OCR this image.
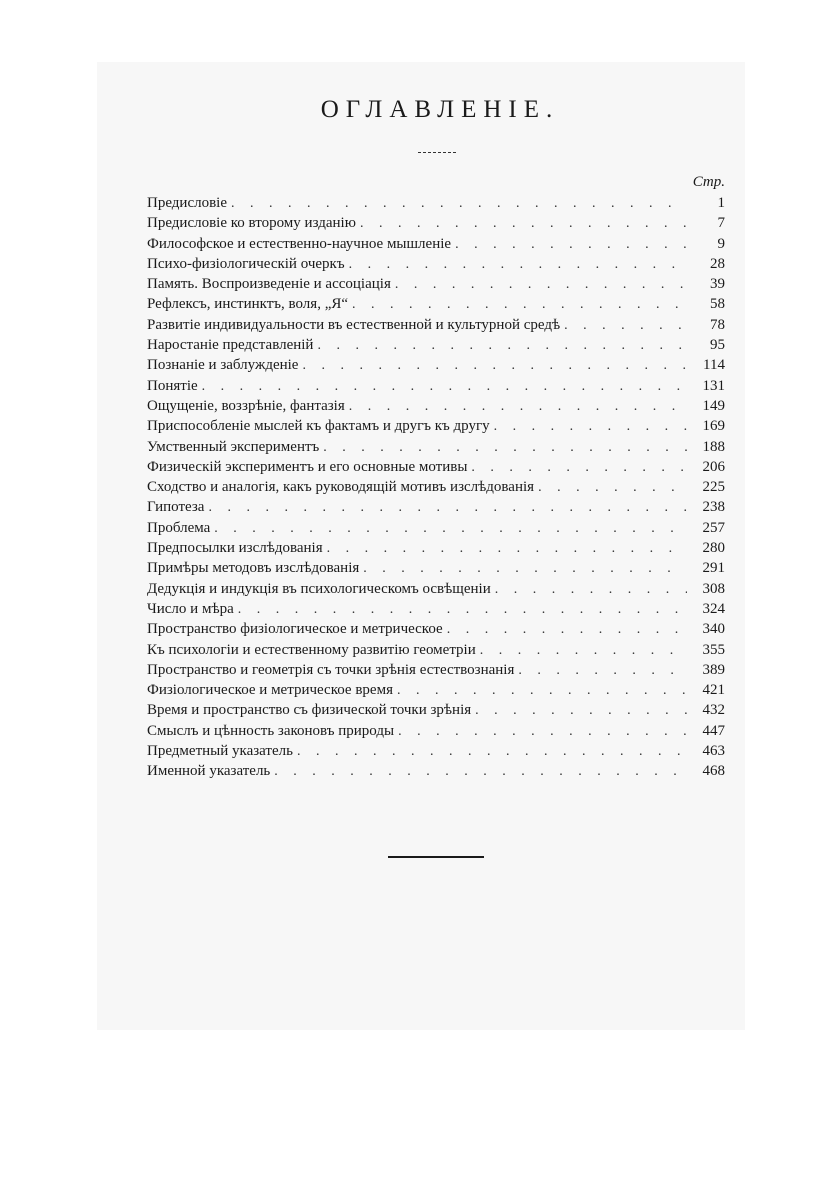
ОГЛАВЛЕНІЕ.
Стр.
Предисловіе . . .	1
Предисловіе ко второму изданію . . .	7
Философское и естественно-научное мышленіе . . .	9
Психо-физіологическій очеркъ . . .	28
Память. Воспроизведеніе и ассоціація . . .	39
Рефлексъ, инстинктъ, воля, „Я“ . . .	58
Развитіе индивидуальности въ естественной и культурной средѣ . . .	78
Наростаніе представленій . . .	95
Познаніе и заблужденіе . . .	114
Понятіе . . .	131
Ощущеніе, воззрѣніе, фантазія . . .	149
Приспособленіе мыслей къ фактамъ и другъ къ другу . . .	169
Умственный экспериментъ . . .	188
Физическій экспериментъ и его основные мотивы . . .	206
Сходство и аналогія, какъ руководящій мотивъ изслѣдованія . . .	225
Гипотеза . . .	238
Проблема . . .	257
Предпосылки изслѣдованія . . .	280
Примѣры методовъ изслѣдованія . . .	291
Дедукція и индукція въ психологическомъ освѣщеніи . . .	308
Число и мѣра . . .	324
Пространство физіологическое и метрическое . . .	340
Къ психологіи и естественному развитію геометріи . . .	355
Пространство и геометрія съ точки зрѣнія естествознанія . . .	389
Физіологическое и метрическое время . . .	421
Время и пространство съ физической точки зрѣнія . . .	432
Смыслъ и цѣнность законовъ природы . . .	447
Предметный указатель . . .	463
Именной указатель . . .	468
